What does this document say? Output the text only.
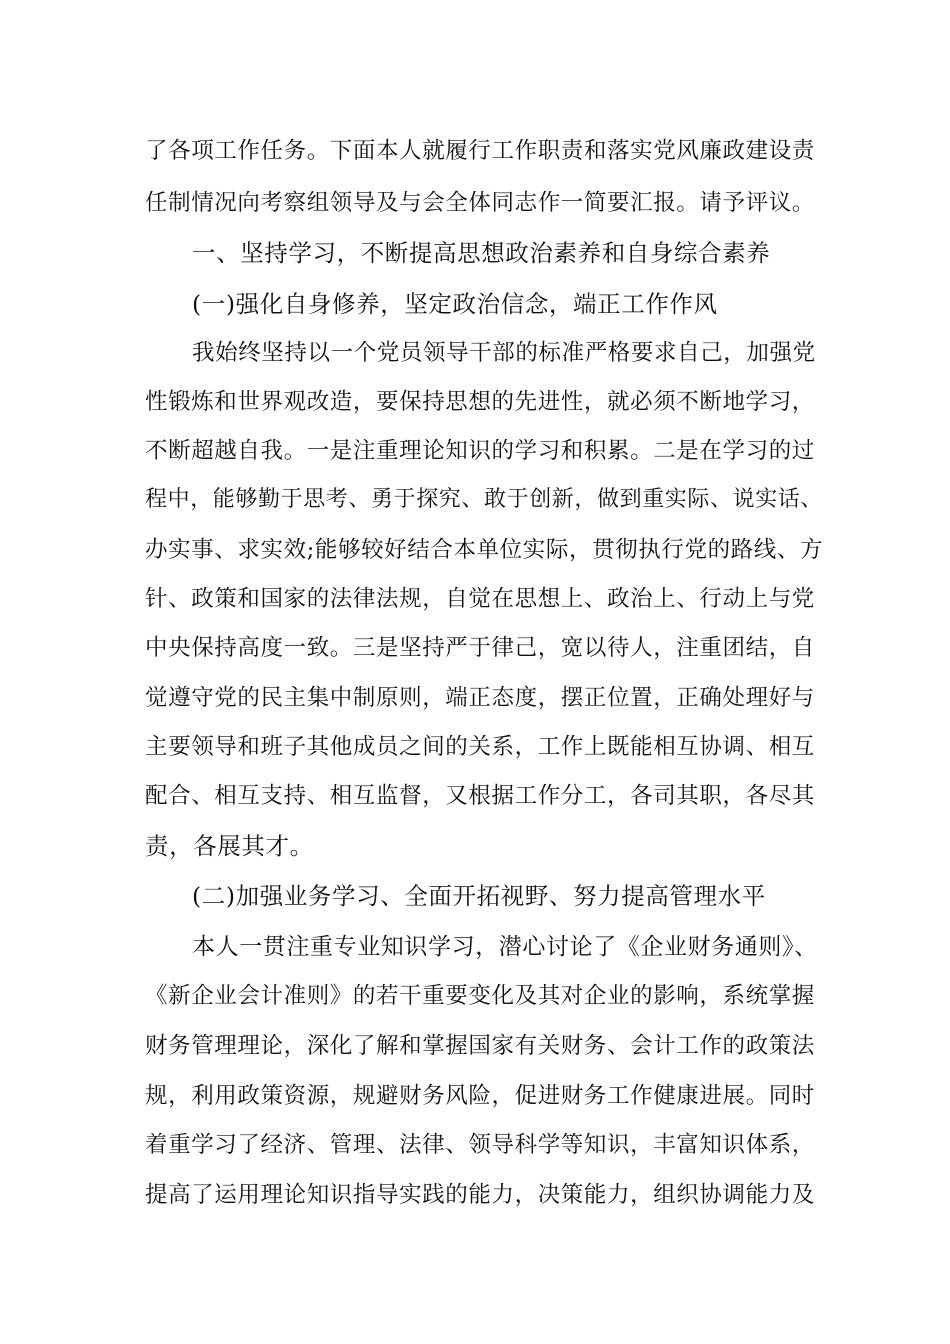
了各项工作任务。下面本人就履行工作职责和落实党风廉政建设责
任制情况向考察组领导及与会全体同志作一简要汇报。请予评议。
一、坚持学习，不断提高思想政治素养和自身综合素养
(一)强化自身修养，坚定政治信念，端正工作作风
我始终坚持以一个党员领导干部的标准严格要求自己，加强党
性锻炼和世界观改造，要保持思想的先进性，就必须不断地学习，
不断超越自我。一是注重理论知识的学习和积累。二是在学习的过
程中，能够勤于思考、勇于探究、敢于创新，做到重实际、说实话、
办实事、求实效;能够较好结合本单位实际，贯彻执行党的路线、方
针、政策和国家的法律法规，自觉在思想上、政治上、行动上与党
中央保持高度一致。三是坚持严于律己，宽以待人，注重团结，自
觉遵守党的民主集中制原则，端正态度，摆正位置，正确处理好与
主要领导和班子其他成员之间的关系，工作上既能相互协调、相互
配合、相互支持、相互监督，又根据工作分工，各司其职，各尽其
责，各展其才。
(二)加强业务学习、全面开拓视野、努力提高管理水平
本人一贯注重专业知识学习，潜心讨论了《企业财务通则》、
《新企业会计准则》的若干重要变化及其对企业的影响，系统掌握
财务管理理论，深化了解和掌握国家有关财务、会计工作的政策法
规，利用政策资源，规避财务风险，促进财务工作健康进展。同时
着重学习了经济、管理、法律、领导科学等知识，丰富知识体系，
提高了运用理论知识指导实践的能力，决策能力，组织协调能力及
